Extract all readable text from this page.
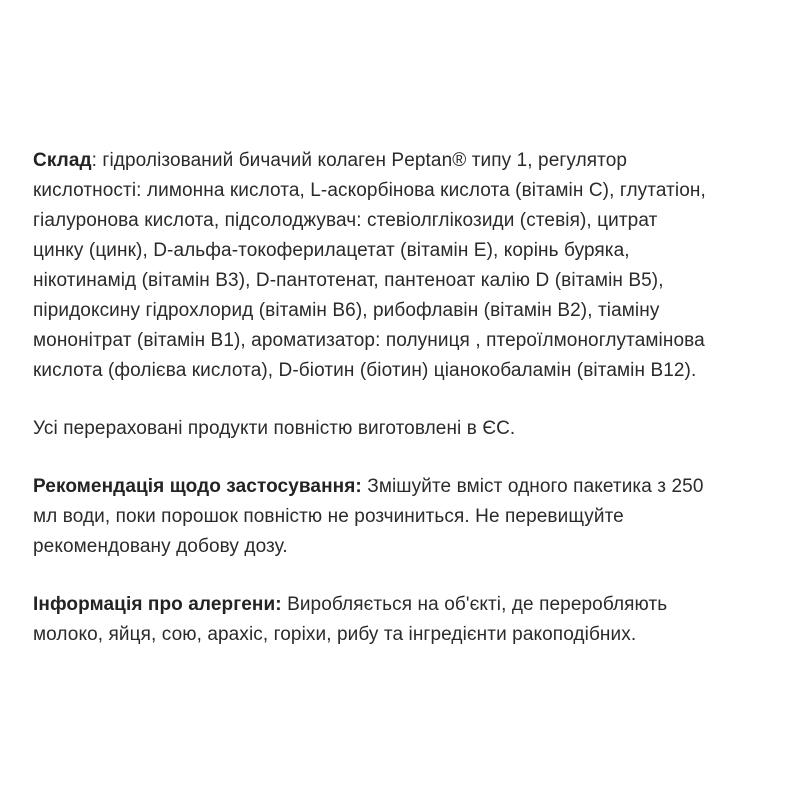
Склад: гідролізований бичачий колаген Peptan® типу 1, регулятор

кислотності: лимонна кислота, L-аскорбінова кислота (вітамін C), глутатіон,

гіалуронова кислота, підсолоджувач: стевіолглікозиди (стевія), цитрат

цинку (цинк), D-альфа-токоферилацетат (вітамін E), корінь буряка,

нікотинамід (вітамін B3), D-пантотенат, пантеноат калію D (вітамін B5),

піридоксину гідрохлорид (вітамін B6), рибофлавін (вітамін B2), тіаміну

мононітрат (вітамін B1), ароматизатор: полуниця , птероїлмоноглутамінова

кислота (фолієва кислота), D-біотин (біотин) ціанокобаламін (вітамін B12).

Усі перераховані продукти повністю виготовлені в ЄС.

Рекомендація щодо застосування: Змішуйте вміст одного пакетика з 250

мл води, поки порошок повністю не розчиниться. Не перевищуйте

рекомендовану добову дозу.

Інформація про алергени: Виробляється на об'єкті, де переробляють

молоко, яйця, сою, арахіс, горіхи, рибу та інгредієнти ракоподібних.
